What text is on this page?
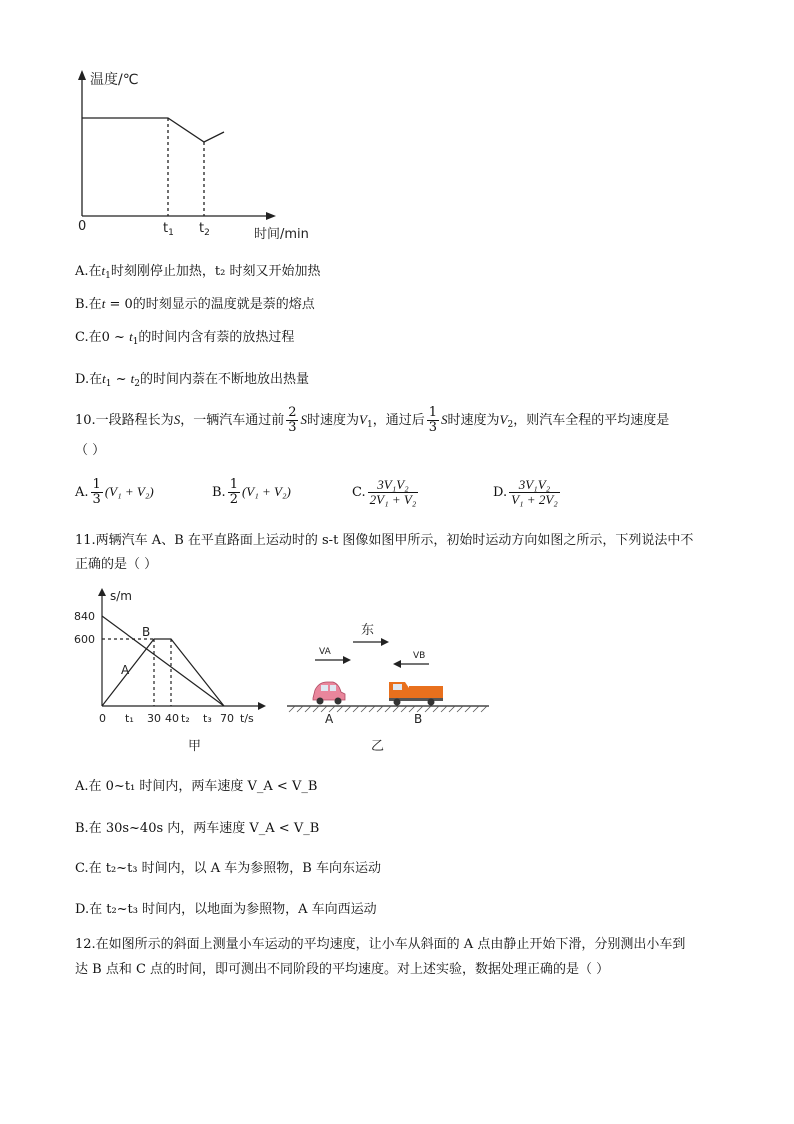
温度/℃
0	$t_1$ $t_2$	时间/min
A.在$t_1$时刻刚停止加热，t₂ 时刻又开始加热
B.在t = 0的时刻显示的温度就是萘的熔点
C.在0 ~ $t_1$的时间内含有萘的放热过程
D.在$t_1$ ~ $t_2$的时间内萘在不断地放出热量
10.一段路程长为S，一辆汽车通过前 $\frac{2}{3}$ S时速度为$V_1$，通过后 $\frac{1}{3}$ S时速度为$V_2$，则汽车全程的平均速度是
（ ）
A. $\frac{1}{3} (V_1 + V_2)$	B. $\frac{1}{2} (V_1 + V_2)$	C. $\frac{\text{3V₁V₂}}{\text{2V₁ + V₂}}$	D. $\frac{\text{3V₁V₂}}{\text{V₁ + 2V₂}}$
11.两辆汽车 A、B 在平直路面上运动时的 s-t 图像如图甲所示，初始时运动方向如图之所示，下列说法中不
正确的是（ ）
s/m
840
600
B
A
0 t₁ 30 40 t₂ t₃ 70 t/s
甲
东
VA	VB
A	B
乙
A.在 0~t₁ 时间内，两车速度 V_A < V_B
B.在 30s~40s 内，两车速度 V_A < V_B
C.在 t₂~t₃ 时间内，以 A 车为参照物，B 车向东运动
D.在 t₂~t₃ 时间内，以地面为参照物，A 车向西运动
12.在如图所示的斜面上测量小车运动的平均速度，让小车从斜面的 A 点由静止开始下滑，分别测出小车到
达 B 点和 C 点的时间，即可测出不同阶段的平均速度。对上述实验，数据处理正确的是（ ）
